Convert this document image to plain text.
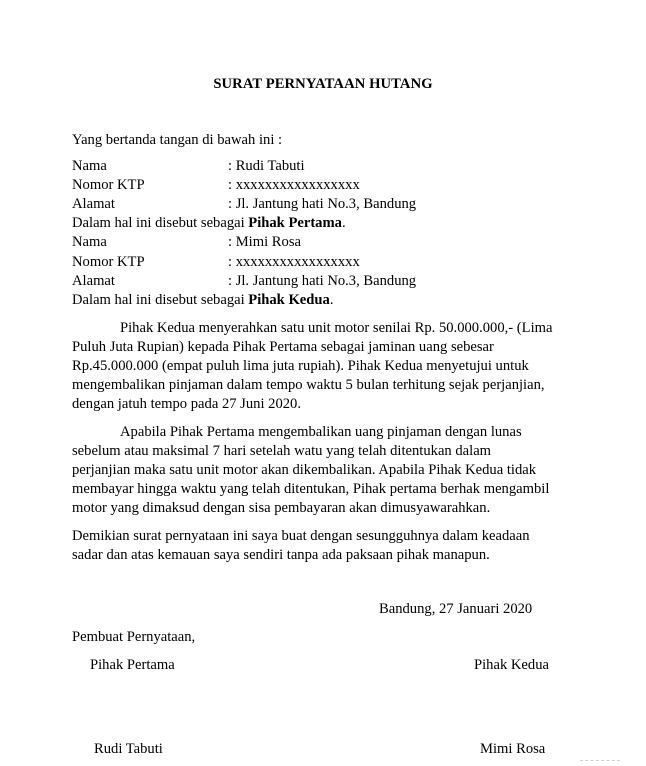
SURAT PERNYATAAN HUTANG
Yang bertanda tangan di bawah ini :
Nama	: Rudi Tabuti
Nomor KTP	: xxxxxxxxxxxxxxxxx
Alamat	: Jl. Jantung hati No.3, Bandung
Dalam hal ini disebut sebagai Pihak Pertama.
Nama	: Mimi Rosa
Nomor KTP	: xxxxxxxxxxxxxxxxx
Alamat	: Jl. Jantung hati No.3, Bandung
Dalam hal ini disebut sebagai Pihak Kedua.
Pihak Kedua menyerahkan satu unit motor senilai Rp. 50.000.000,- (Lima
Puluh Juta Rupian) kepada Pihak Pertama sebagai jaminan uang sebesar
Rp.45.000.000 (empat puluh lima juta rupiah). Pihak Kedua menyetujui untuk
mengembalikan pinjaman dalam tempo waktu 5 bulan terhitung sejak perjanjian,
dengan jatuh tempo pada 27 Juni 2020.
Apabila Pihak Pertama mengembalikan uang pinjaman dengan lunas
sebelum atau maksimal 7 hari setelah watu yang telah ditentukan dalam
perjanjian maka satu unit motor akan dikembalikan. Apabila Pihak Kedua tidak
membayar hingga waktu yang telah ditentukan, Pihak pertama berhak mengambil
motor yang dimaksud dengan sisa pembayaran akan dimusyawarahkan.
Demikian surat pernyataan ini saya buat dengan sesungguhnya dalam keadaan
sadar dan atas kemauan saya sendiri tanpa ada paksaan pihak manapun.
Bandung, 27 Januari 2020
Pembuat Pernyataan,
Pihak Pertama	Pihak Kedua
Rudi Tabuti	Mimi Rosa
